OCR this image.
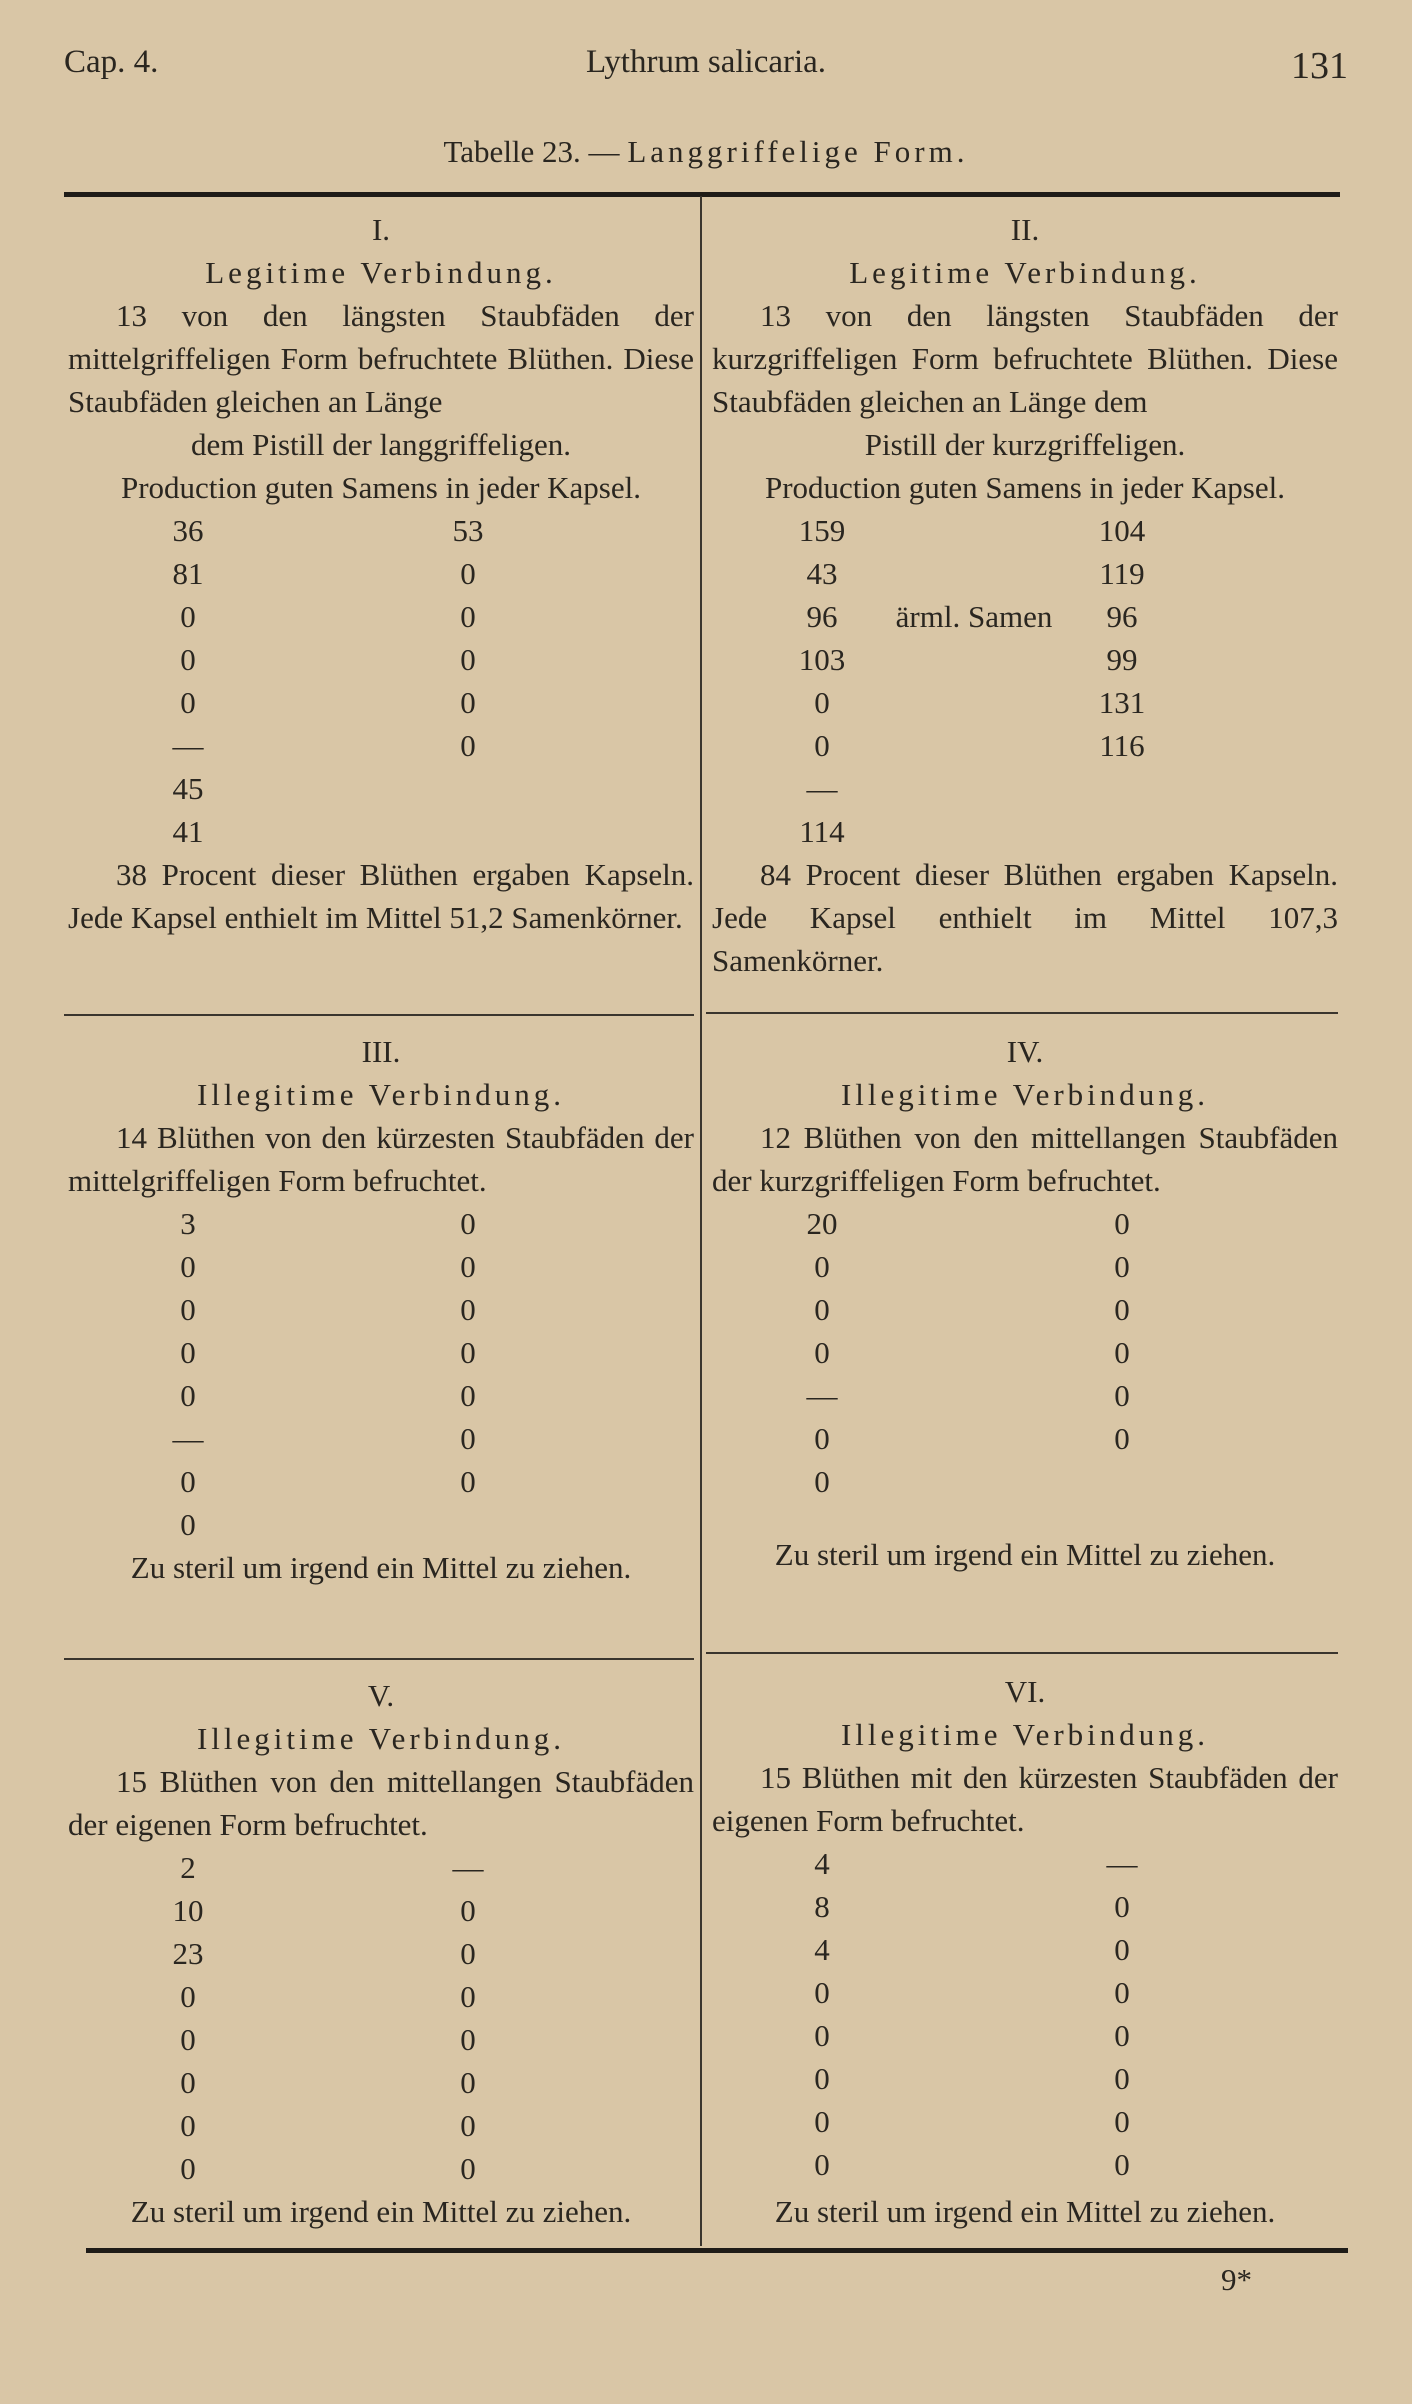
Cap. 4.	Lythrum salicaria.	131
Tabelle 23. — Langgriffelige Form.
I.
Legitime Verbindung.
13 von den längsten Staubfäden der mittelgriffeligen Form befruchtete Blüthen. Diese Staubfäden gleichen an Länge
dem Pistill der langgriffeligen.
Production guten Samens in jeder Kapsel.
36	53
81	0
0	0
0	0
0	0
—	0
45
41
38 Procent dieser Blüthen ergaben Kapseln. Jede Kapsel enthielt im Mittel 51,2 Samenkörner.
II.
Legitime Verbindung.
13 von den längsten Staubfäden der kurzgriffeligen Form befruchtete Blüthen. Diese Staubfäden gleichen an Länge dem
Pistill der kurzgriffeligen.
Production guten Samens in jeder Kapsel.
159	104
43	119
96	ärml. Samen	96
103	99
0	131
0	116
—
114
84 Procent dieser Blüthen ergaben Kapseln. Jede Kapsel enthielt im Mittel 107,3 Samenkörner.
III.
Illegitime Verbindung.
14 Blüthen von den kürzesten Staubfäden der mittelgriffeligen Form befruchtet.
3	0
0	0
0	0
0	0
0	0
—	0
0	0
0
Zu steril um irgend ein Mittel zu ziehen.
IV.
Illegitime Verbindung.
12 Blüthen von den mittellangen Staubfäden der kurzgriffeligen Form befruchtet.
20	0
0	0
0	0
0	0
—	0
0	0
0
Zu steril um irgend ein Mittel zu ziehen.
V.
Illegitime Verbindung.
15 Blüthen von den mittellangen Staubfäden der eigenen Form befruchtet.
2	—
10	0
23	0
0	0
0	0
0	0
0	0
0	0
Zu steril um irgend ein Mittel zu ziehen.
VI.
Illegitime Verbindung.
15 Blüthen mit den kürzesten Staubfäden der eigenen Form befruchtet.
4	—
8	0
4	0
0	0
0	0
0	0
0	0
0	0
Zu steril um irgend ein Mittel zu ziehen.
9*
